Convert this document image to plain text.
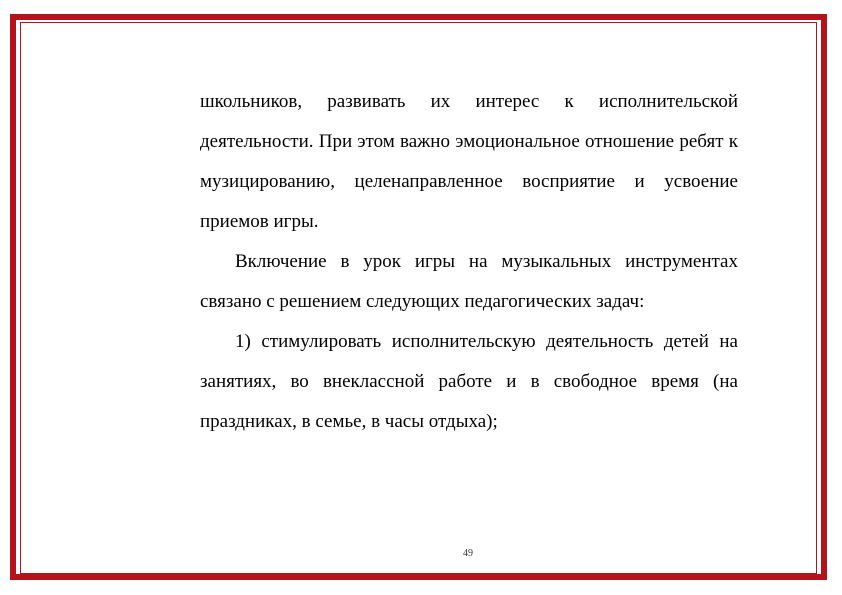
школьников, развивать их интерес к исполнительской деятельности. При этом важно эмоциональное отношение ребят к музицированию, целенаправленное восприятие и усвоение приемов игры.

Включение в урок игры на музыкальных инструментах связано с решением следующих педагогических задач:

1) стимулировать исполнительскую деятельность детей на занятиях, во внеклассной работе и в свободное время (на праздниках, в семье, в часы отдыха);

49
